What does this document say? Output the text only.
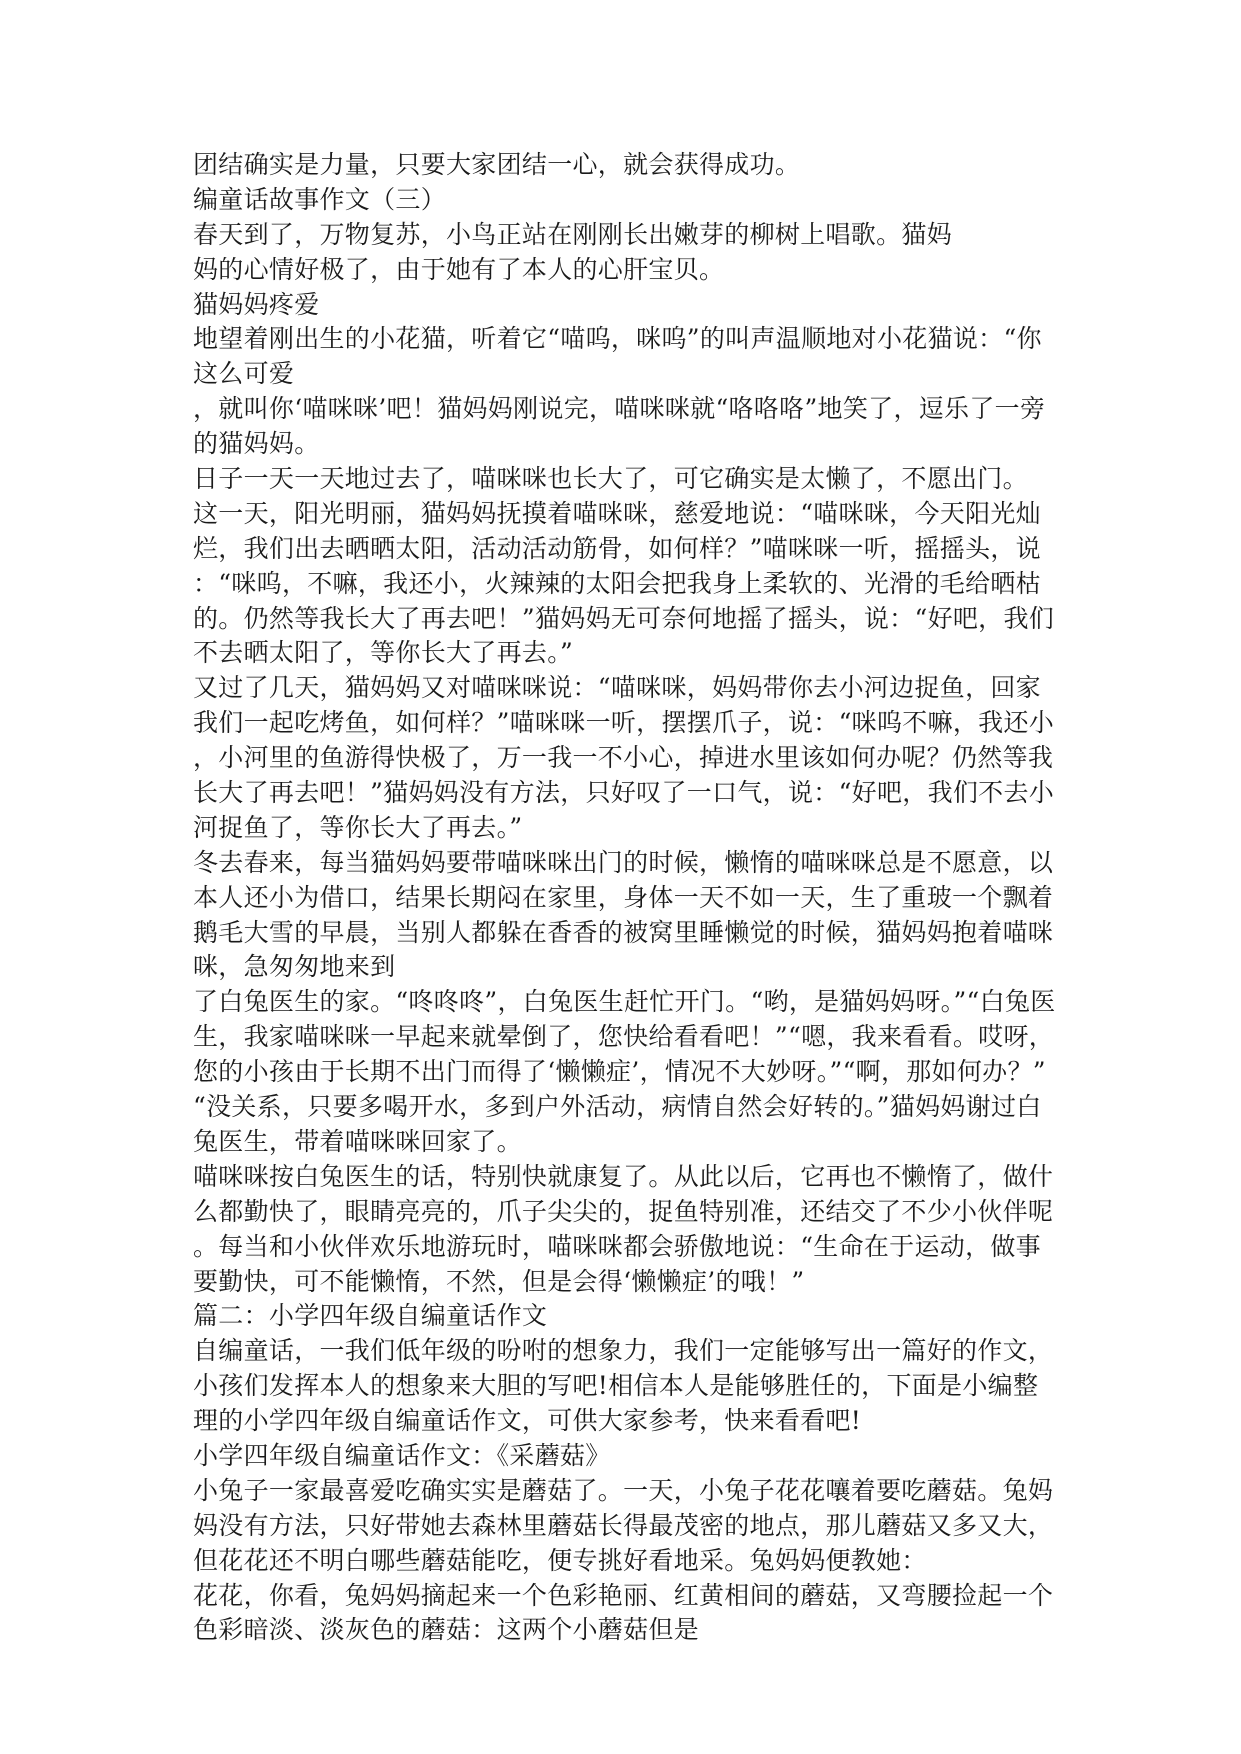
团结确实是力量，只要大家团结一心，就会获得成功。
编童话故事作文（三）
春天到了，万物复苏，小鸟正站在刚刚长出嫩芽的柳树上唱歌。猫妈
妈的心情好极了，由于她有了本人的心肝宝贝。
猫妈妈疼爱
地望着刚出生的小花猫，听着它“喵呜，咪呜”的叫声温顺地对小花猫说：“你
这么可爱
，就叫你‘喵咪咪’吧！猫妈妈刚说完，喵咪咪就“咯咯咯”地笑了，逗乐了一旁
的猫妈妈。
日子一天一天地过去了，喵咪咪也长大了，可它确实是太懒了，不愿出门。
这一天，阳光明丽，猫妈妈抚摸着喵咪咪，慈爱地说：“喵咪咪，今天阳光灿
烂，我们出去晒晒太阳，活动活动筋骨，如何样？”喵咪咪一听，摇摇头，说
：“咪呜，不嘛，我还小，火辣辣的太阳会把我身上柔软的、光滑的毛给晒枯
的。仍然等我长大了再去吧！”猫妈妈无可奈何地摇了摇头，说：“好吧，我们
不去晒太阳了，等你长大了再去。”
又过了几天，猫妈妈又对喵咪咪说：“喵咪咪，妈妈带你去小河边捉鱼，回家
我们一起吃烤鱼，如何样？”喵咪咪一听，摆摆爪子，说：“咪呜不嘛，我还小
，小河里的鱼游得快极了，万一我一不小心，掉进水里该如何办呢？仍然等我
长大了再去吧！”猫妈妈没有方法，只好叹了一口气，说：“好吧，我们不去小
河捉鱼了，等你长大了再去。”
冬去春来，每当猫妈妈要带喵咪咪出门的时候，懒惰的喵咪咪总是不愿意，以
本人还小为借口，结果长期闷在家里，身体一天不如一天，生了重玻一个飘着
鹅毛大雪的早晨，当别人都躲在香香的被窝里睡懒觉的时候，猫妈妈抱着喵咪
咪，急匆匆地来到
了白兔医生的家。“咚咚咚”，白兔医生赶忙开门。“哟，是猫妈妈呀。”“白兔医
生，我家喵咪咪一早起来就晕倒了，您快给看看吧！”“嗯，我来看看。哎呀，
您的小孩由于长期不出门而得了‘懒懒症’，情况不大妙呀。”“啊，那如何办？”
“没关系，只要多喝开水，多到户外活动，病情自然会好转的。”猫妈妈谢过白
兔医生，带着喵咪咪回家了。
喵咪咪按白兔医生的话，特别快就康复了。从此以后，它再也不懒惰了，做什
么都勤快了，眼睛亮亮的，爪子尖尖的，捉鱼特别准，还结交了不少小伙伴呢
。每当和小伙伴欢乐地游玩时，喵咪咪都会骄傲地说：“生命在于运动，做事
要勤快，可不能懒惰，不然，但是会得‘懒懒症’的哦！”
篇二：小学四年级自编童话作文
自编童话，一我们低年级的吩咐的想象力，我们一定能够写出一篇好的作文，
小孩们发挥本人的想象来大胆的写吧!相信本人是能够胜任的，下面是小编整
理的小学四年级自编童话作文，可供大家参考，快来看看吧!
小学四年级自编童话作文：《采蘑菇》
小兔子一家最喜爱吃确实实是蘑菇了。一天，小兔子花花嚷着要吃蘑菇。兔妈
妈没有方法，只好带她去森林里蘑菇长得最茂密的地点，那儿蘑菇又多又大，
但花花还不明白哪些蘑菇能吃，便专挑好看地采。兔妈妈便教她：
花花，你看，兔妈妈摘起来一个色彩艳丽、红黄相间的蘑菇，又弯腰捡起一个
色彩暗淡、淡灰色的蘑菇：这两个小蘑菇但是
